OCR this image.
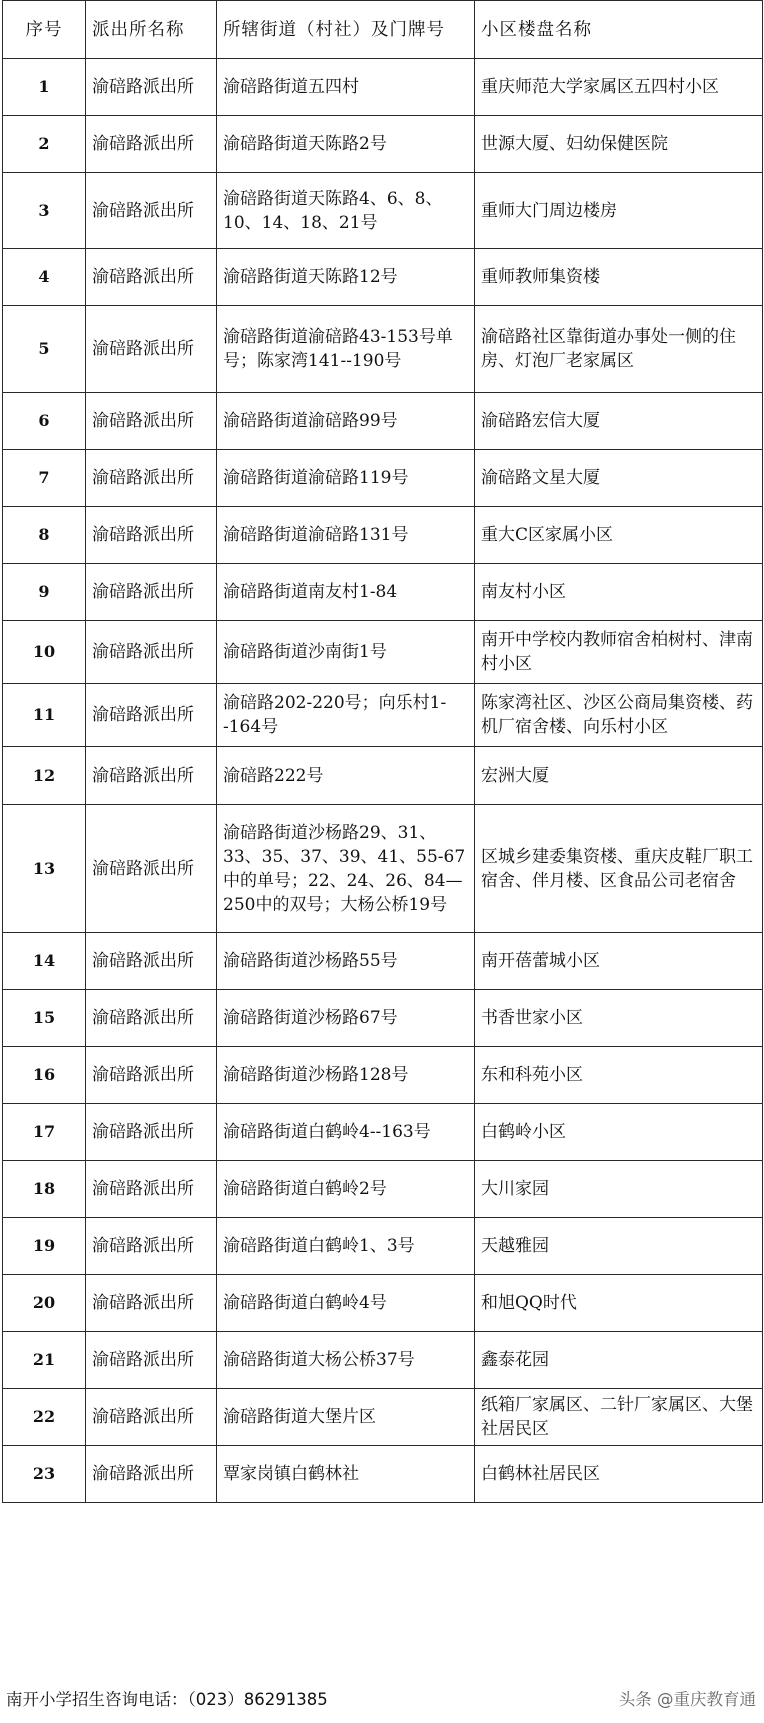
序号	派出所名称	所辖街道（村社）及门牌号	小区楼盘名称
1	渝碚路派出所	渝碚路街道五四村	重庆师范大学家属区五四村小区
2	渝碚路派出所	渝碚路街道天陈路2号	世源大厦、妇幼保健医院
3	渝碚路派出所	渝碚路街道天陈路4、6、8、10、14、18、21号	重师大门周边楼房
4	渝碚路派出所	渝碚路街道天陈路12号	重师教师集资楼
5	渝碚路派出所	渝碚路街道渝碚路43-153号单号；陈家湾141--190号	渝碚路社区靠街道办事处一侧的住房、灯泡厂老家属区
6	渝碚路派出所	渝碚路街道渝碚路99号	渝碚路宏信大厦
7	渝碚路派出所	渝碚路街道渝碚路119号	渝碚路文星大厦
8	渝碚路派出所	渝碚路街道渝碚路131号	重大C区家属小区
9	渝碚路派出所	渝碚路街道南友村1-84	南友村小区
10	渝碚路派出所	渝碚路街道沙南街1号	南开中学校内教师宿舍柏树村、津南村小区
11	渝碚路派出所	渝碚路202-220号；向乐村1--164号	陈家湾社区、沙区公商局集资楼、药机厂宿舍楼、向乐村小区
12	渝碚路派出所	渝碚路222号	宏洲大厦
13	渝碚路派出所	渝碚路街道沙杨路29、31、33、35、37、39、41、55-67中的单号；22、24、26、84—250中的双号；大杨公桥19号	区城乡建委集资楼、重庆皮鞋厂职工宿舍、伴月楼、区食品公司老宿舍
14	渝碚路派出所	渝碚路街道沙杨路55号	南开蓓蕾城小区
15	渝碚路派出所	渝碚路街道沙杨路67号	书香世家小区
16	渝碚路派出所	渝碚路街道沙杨路128号	东和科苑小区
17	渝碚路派出所	渝碚路街道白鹤岭4--163号	白鹤岭小区
18	渝碚路派出所	渝碚路街道白鹤岭2号	大川家园
19	渝碚路派出所	渝碚路街道白鹤岭1、3号	天越雅园
20	渝碚路派出所	渝碚路街道白鹤岭4号	和旭QQ时代
21	渝碚路派出所	渝碚路街道大杨公桥37号	鑫泰花园
22	渝碚路派出所	渝碚路街道大堡片区	纸箱厂家属区、二针厂家属区、大堡社居民区
23	渝碚路派出所	覃家岗镇白鹤林社	白鹤林社居民区
南开小学招生咨询电话：（023）86291385	头条 @重庆教育通
